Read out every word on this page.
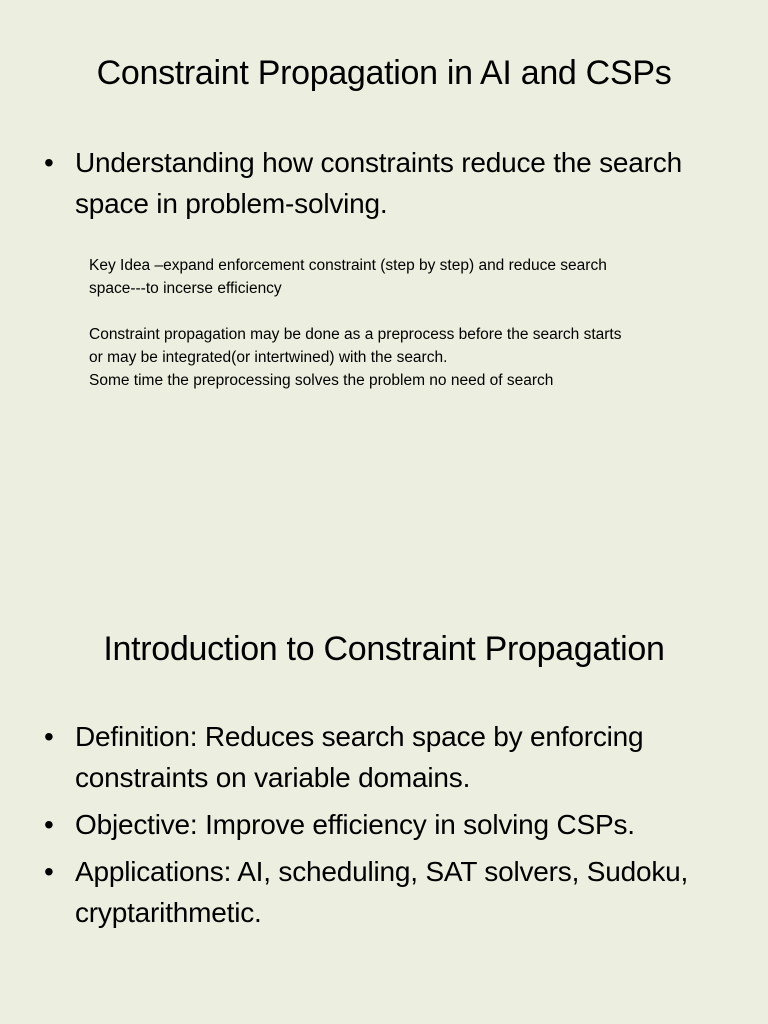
Constraint Propagation in AI and CSPs
• Understanding how constraints reduce the search space in problem-solving.
Key Idea –expand enforcement constraint (step by step) and reduce search
space---to incerse efficiency
Constraint propagation may be done as a preprocess before the search starts
or may be integrated(or intertwined) with the search.
Some time the preprocessing solves the problem no need of search
Introduction to Constraint Propagation
• Definition: Reduces search space by enforcing constraints on variable domains.
• Objective: Improve efficiency in solving CSPs.
• Applications: AI, scheduling, SAT solvers, Sudoku, cryptarithmetic.
